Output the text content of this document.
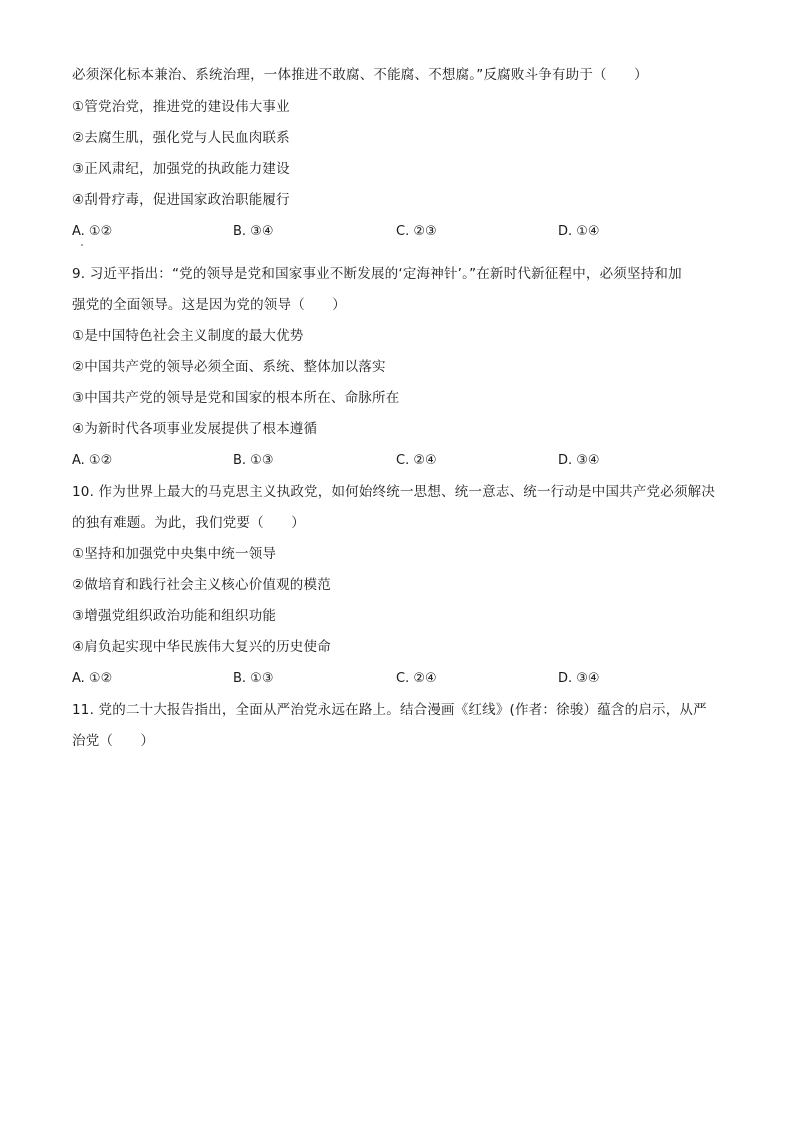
必须深化标本兼治、系统治理，一体推进不敢腐、不能腐、不想腐。”反腐败斗争有助于（　　）
①管党治党，推进党的建设伟大事业
②去腐生肌，强化党与人民血肉联系
③正风肃纪，加强党的执政能力建设
④刮骨疗毒，促进国家政治职能履行
A. ①②	B. ③④	C. ②③	D. ①④
9. 习近平指出：“党的领导是党和国家事业不断发展的‘定海神针’。”在新时代新征程中，必须坚持和加
强党的全面领导。这是因为党的领导（　　）
①是中国特色社会主义制度的最大优势
②中国共产党的领导必须全面、系统、整体加以落实
③中国共产党的领导是党和国家的根本所在、命脉所在
④为新时代各项事业发展提供了根本遵循
A. ①②	B. ①③	C. ②④	D. ③④
10. 作为世界上最大的马克思主义执政党，如何始终统一思想、统一意志、统一行动是中国共产党必须解决
的独有难题。为此，我们党要（　　）
①坚持和加强党中央集中统一领导
②做培育和践行社会主义核心价值观的模范
③增强党组织政治功能和组织功能
④肩负起实现中华民族伟大复兴的历史使命
A. ①②	B. ①③	C. ②④	D. ③④
11. 党的二十大报告指出，全面从严治党永远在路上。结合漫画《红线》(作者：徐骏）蕴含的启示，从严
治党（　　）
